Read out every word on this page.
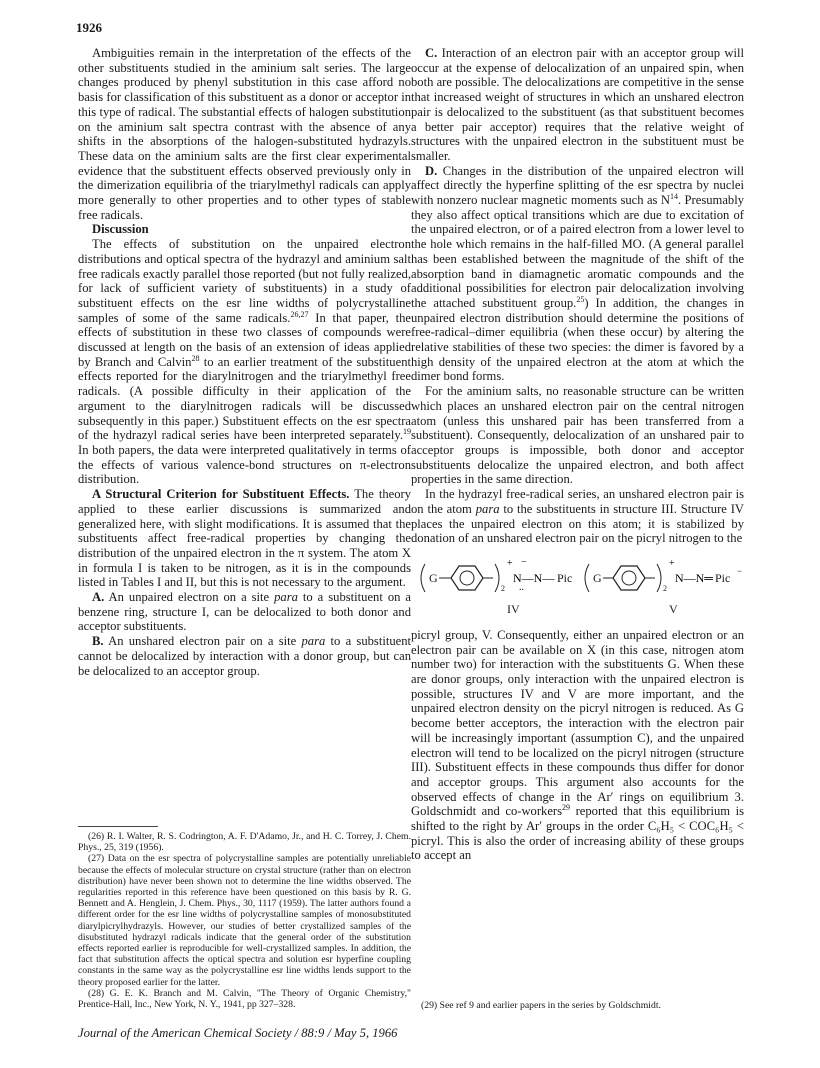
1926

Ambiguities remain in the interpretation of the effects of the other substituents studied in the aminium salt series. The large changes produced by phenyl substitution in this case afford no basis for classification of this substituent as a donor or acceptor in this type of radical. The substantial effects of halogen substitution on the aminium salt spectra contrast with the absence of any shifts in the absorptions of the halogen-substituted hydrazyls. These data on the aminium salts are the first clear experimental evidence that the substituent effects observed previously only in the dimerization equilibria of the triarylmethyl radicals can apply more generally to other properties and to other types of stable free radicals.

Discussion

The effects of substitution on the unpaired electron distributions and optical spectra of the hydrazyl and aminium salt free radicals exactly parallel those reported (but not fully realized, for lack of sufficient variety of substituents) in a study of substituent effects on the esr line widths of polycrystalline samples of some of the same radicals.$^{26,27}$ In that paper, the effects of substitution in these two classes of compounds were discussed at length on the basis of an extension of ideas applied by Branch and Calvin$^{28}$ to an earlier treatment of the substituent effects reported for the diarylnitrogen and the triarylmethyl free radicals. (A possible difficulty in their application of the argument to the diarylnitrogen radicals will be discussed subsequently in this paper.) Substituent effects on the esr spectra of the hydrazyl radical series have been interpreted separately.$^{19}$ In both papers, the data were interpreted qualitatively in terms of the effects of various valence-bond structures on π-electron distribution.

A Structural Criterion for Substituent Effects. The theory applied to these earlier discussions is summarized and generalized here, with slight modifications. It is assumed that the substituents affect free-radical properties by changing the distribution of the unpaired electron in the π system. The atom X in formula I is taken to be nitrogen, as it is in the compounds listed in Tables I and II, but this is not necessary to the argument.

A. An unpaired electron on a site para to a substituent on a benzene ring, structure I, can be delocalized to both donor and acceptor substituents.

B. An unshared electron pair on a site para to a substituent cannot be delocalized by interaction with a donor group, but can be delocalized to an acceptor group.

(26) R. I. Walter, R. S. Codrington, A. F. D'Adamo, Jr., and H. C. Torrey, J. Chem. Phys., 25, 319 (1956).

(27) Data on the esr spectra of polycrystalline samples are potentially unreliable because the effects of molecular structure on crystal structure (rather than on electron distribution) have never been shown not to determine the line widths observed. The regularities reported in this reference have been questioned on this basis by R. G. Bennett and A. Henglein, J. Chem. Phys., 30, 1117 (1959). The latter authors found a different order for the esr line widths of polycrystalline samples of monosubstituted diarylpicrylhydrazyls. However, our studies of better crystallized samples of the disubstituted hydrazyl radicals indicate that the general order of the substitution effects reported earlier is reproducible for well-crystallized samples. In addition, the fact that substitution affects the optical spectra and solution esr hyperfine coupling constants in the same way as the polycrystalline esr line widths lends support to the theory proposed earlier for the latter.

(28) G. E. K. Branch and M. Calvin, "The Theory of Organic Chemistry," Prentice-Hall, Inc., New York, N. Y., 1941, pp 327–328.

C. Interaction of an electron pair with an acceptor group will occur at the expense of delocalization of an unpaired spin, when both are possible. The delocalizations are competitive in the sense that increased weight of structures in which an unshared electron pair is delocalized to the substituent (as that substituent becomes a better pair acceptor) requires that the relative weight of structures with the unpaired electron in the substituent must be smaller.

D. Changes in the distribution of the unpaired electron will affect directly the hyperfine splitting of the esr spectra by nuclei with nonzero nuclear magnetic moments such as $N^{14}$. Presumably they also affect optical transitions which are due to excitation of the unpaired electron, or of a paired electron from a lower level to the hole which remains in the half-filled MO. (A general parallel has been established between the magnitude of the shift of the absorption band in diamagnetic aromatic compounds and the additional possibilities for electron pair delocalization involving the attached substituent group.$^{25}$) In addition, the changes in unpaired electron distribution should determine the positions of free-radical–dimer equilibria (when these occur) by altering the relative stabilities of these two species: the dimer is favored by a high density of the unpaired electron at the atom at which the dimer bond forms.

For the aminium salts, no reasonable structure can be written which places an unshared electron pair on the central nitrogen atom (unless this unshared pair has been transferred from a substituent). Consequently, delocalization of an unshared pair to acceptor groups is impossible, both donor and acceptor substituents delocalize the unpaired electron, and both affect properties in the same direction.

In the hydrazyl free-radical series, an unshared electron pair is on the atom para to the substituents in structure III. Structure IV places the unpaired electron on this atom; it is stabilized by donation of an unshared electron pair on the picryl nitrogen to the

+ −
N—N—
..
+
N—N═	−
G
2
Pic G
2
Pic
IV	V

picryl group, V. Consequently, either an unpaired electron or an electron pair can be available on X (in this case, nitrogen atom number two) for interaction with the substituents G. When these are donor groups, only interaction with the unpaired electron is possible, structures IV and V are more important, and the unpaired electron density on the picryl nitrogen is reduced. As G become better acceptors, the interaction with the electron pair will be increasingly important (assumption C), and the unpaired electron will tend to be localized on the picryl nitrogen (structure III). Substituent effects in these compounds thus differ for donor and acceptor groups. This argument also accounts for the observed effects of change in the Ar′ rings on equilibrium 3. Goldschmidt and co-workers$^{29}$ reported that this equilibrium is shifted to the right by Ar′ groups in the order C₆H₅ < COC₆H₅ < picryl. This is also the order of increasing ability of these groups to accept an

(29) See ref 9 and earlier papers in the series by Goldschmidt.

Journal of the American Chemical Society / 88:9 / May 5, 1966
